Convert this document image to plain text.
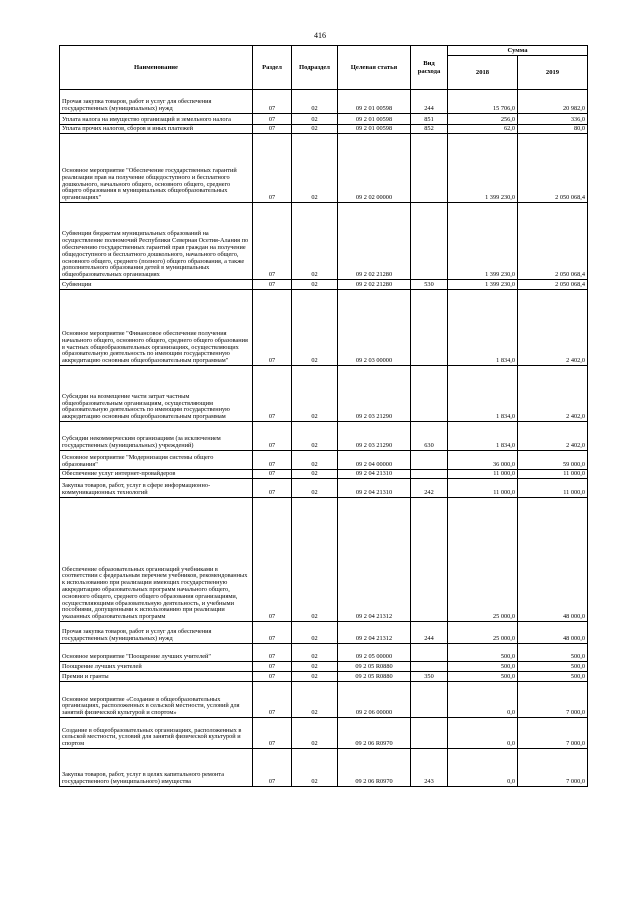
416
Наименование	Раздел	Подраздел	Целевая статья	Вид расхода	Сумма	
					2018	2019
Прочая закупка товаров, работ и услуг для обеспечения государственных (муниципальных) нужд	07	02	09 2 01 00598	244	15 706,0	20 982,0
Уплата налога на имущество организаций и земельного налога	07	02	09 2 01 00598	851	256,0	336,0
Уплата прочих налогов, сборов и иных платежей	07	02	09 2 01 00598	852	62,0	80,0
Основное мероприятие "Обеспечение государственных гарантий реализации прав на получение общедоступного и бесплатного дошкольного, начального общего, основного общего, среднего общего образования в муниципальных общеобразовательных организациях"	07	02	09 2 02 00000		1 399 230,0	2 050 068,4
Субвенции бюджетам муниципальных образований на осуществление полномочий Республики Северная Осетия-Алания по обеспечению государственных гарантий прав граждан на получение общедоступного и бесплатного дошкольного, начального общего, основного общего, среднего (полного) общего образования, а также дополнительного образования детей в муниципальных общеобразовательных организациях	07	02	09 2 02 21280		1 399 230,0	2 050 068,4
Субвенции	07	02	09 2 02 21280	530	1 399 230,0	2 050 068,4
Основное мероприятие "Финансовое обеспечение получения начального общего, основного общего, среднего общего образования в частных общеобразовательных организациях, осуществляющих образовательную деятельность по имеющим государственную аккредитацию основным общеобразовательным программам"	07	02	09 2 03 00000		1 834,0	2 402,0
Субсидии на возмещение части затрат частным общеобразовательным организациям, осуществляющим образовательную деятельность по имеющим государственную аккредитацию основным общеобразовательным программам	07	02	09 2 03 21290		1 834,0	2 402,0
Субсидии некоммерческим организациям (за исключением государственных (муниципальных) учреждений)	07	02	09 2 03 21290	630	1 834,0	2 402,0
Основное мероприятие "Модернизация системы общего образования"	07	02	09 2 04 00000		36 000,0	59 000,0
Обеспечение услуг интернет-провайдеров	07	02	09 2 04 21310		11 000,0	11 000,0
Закупка товаров, работ, услуг в сфере информационно-коммуникационных технологий	07	02	09 2 04 21310	242	11 000,0	11 000,0
Обеспечение образовательных организаций учебниками в соответствии с федеральным перечнем учебников, рекомендованных к использованию при реализации имеющих государственную аккредитацию образовательных программ начального общего, основного общего, среднего общего образования организациями, осуществляющими образовательную деятельность, и учебными пособиями, допущенными к использованию при реализации указанных образовательных программ	07	02	09 2 04 21312		25 000,0	48 000,0
Прочая закупка товаров, работ и услуг для обеспечения государственных (муниципальных) нужд	07	02	09 2 04 21312	244	25 000,0	48 000,0
Основное мероприятие "Поощрение лучших учителей"	07	02	09 2 05 00000		500,0	500,0
Поощрение лучших учителей	07	02	09 2 05 R0880		500,0	500,0
Премии и гранты	07	02	09 2 05 R0880	350	500,0	500,0
Основное мероприятие «Создание в общеобразовательных организациях, расположенных в сельской местности, условий для занятий физической культурой и спортом»	07	02	09 2 06 00000		0,0	7 000,0
Создание в общеобразовательных организациях, расположенных в сельской местности, условий для занятий физической культурой и спортом	07	02	09 2 06 R0970		0,0	7 000,0
Закупка товаров, работ, услуг в целях капитального ремонта государственного (муниципального) имущества	07	02	09 2 06 R0970	243	0,0	7 000,0
